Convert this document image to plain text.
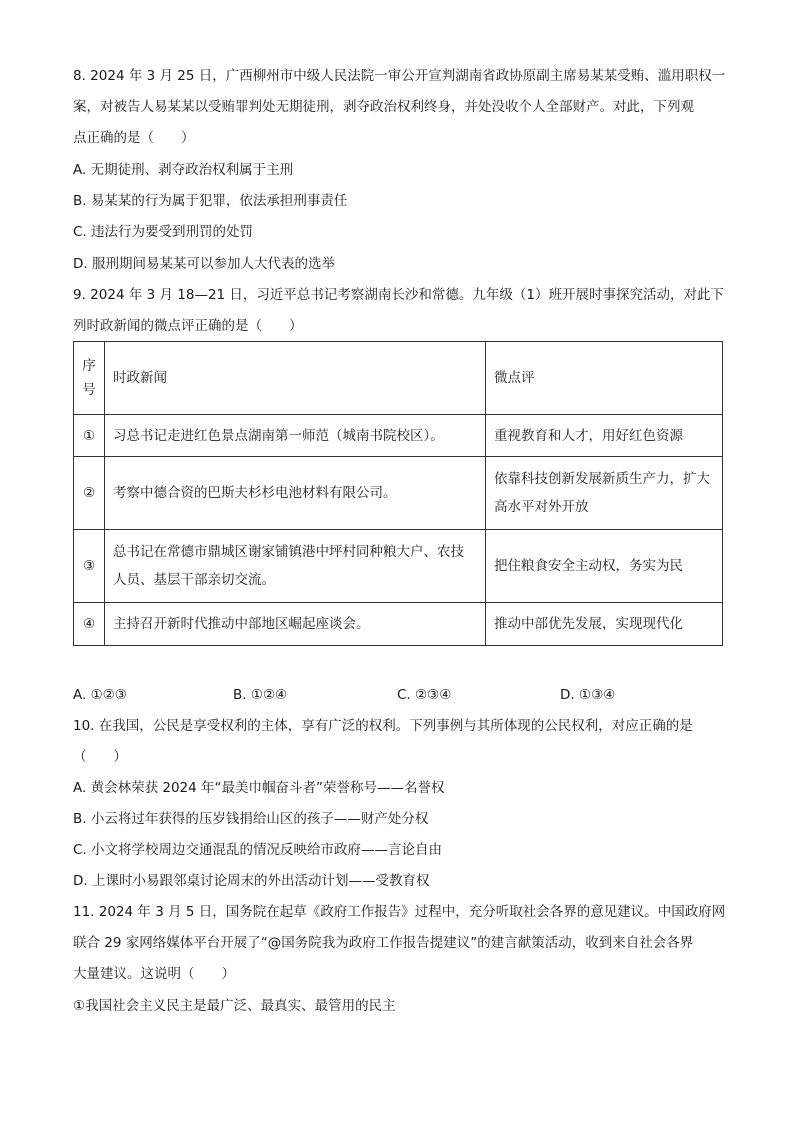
8. 2024 年 3 月 25 日，广西柳州市中级人民法院一审公开宣判湖南省政协原副主席易某某受贿、滥用职权一
案，对被告人易某某以受贿罪判处无期徒刑，剥夺政治权利终身，并处没收个人全部财产。对此，下列观
点正确的是（　　）
A. 无期徒刑、剥夺政治权利属于主刑
B. 易某某的行为属于犯罪，依法承担刑事责任
C. 违法行为要受到刑罚的处罚
D. 服刑期间易某某可以参加人大代表的选举
9. 2024 年 3 月 18—21 日，习近平总书记考察湖南长沙和常德。九年级（1）班开展时事探究活动，对此下
列时政新闻的微点评正确的是（　　）
序
号	时政新闻	微点评
①	习总书记走进红色景点湖南第一师范（城南书院校区）。	重视教育和人才，用好红色资源
②	考察中德合资的巴斯夫杉杉电池材料有限公司。	依靠科技创新发展新质生产力，扩大
高水平对外开放

③	总书记在常德市鼎城区谢家铺镇港中坪村同种粮大户、农技
人员、基层干部亲切交流。	把住粮食安全主动权，务实为民
④	主持召开新时代推动中部地区崛起座谈会。	推动中部优先发展，实现现代化
A. ①②③	B. ①②④	C. ②③④	D. ①③④
10. 在我国，公民是享受权利的主体，享有广泛的权利。下列事例与其所体现的公民权利，对应正确的是
（　　）
A. 黄会林荣获 2024 年“最美巾帼奋斗者”荣誉称号——名誉权
B. 小云将过年获得的压岁钱捐给山区的孩子——财产处分权
C. 小文将学校周边交通混乱的情况反映给市政府——言论自由
D. 上课时小易跟邻桌讨论周末的外出活动计划——受教育权
11. 2024 年 3 月 5 日，国务院在起草《政府工作报告》过程中，充分听取社会各界的意见建议。中国政府网
联合 29 家网络媒体平台开展了“@国务院我为政府工作报告提建议”的建言献策活动，收到来自社会各界
大量建议。这说明（　　）
①我国社会主义民主是最广泛、最真实、最管用的民主
